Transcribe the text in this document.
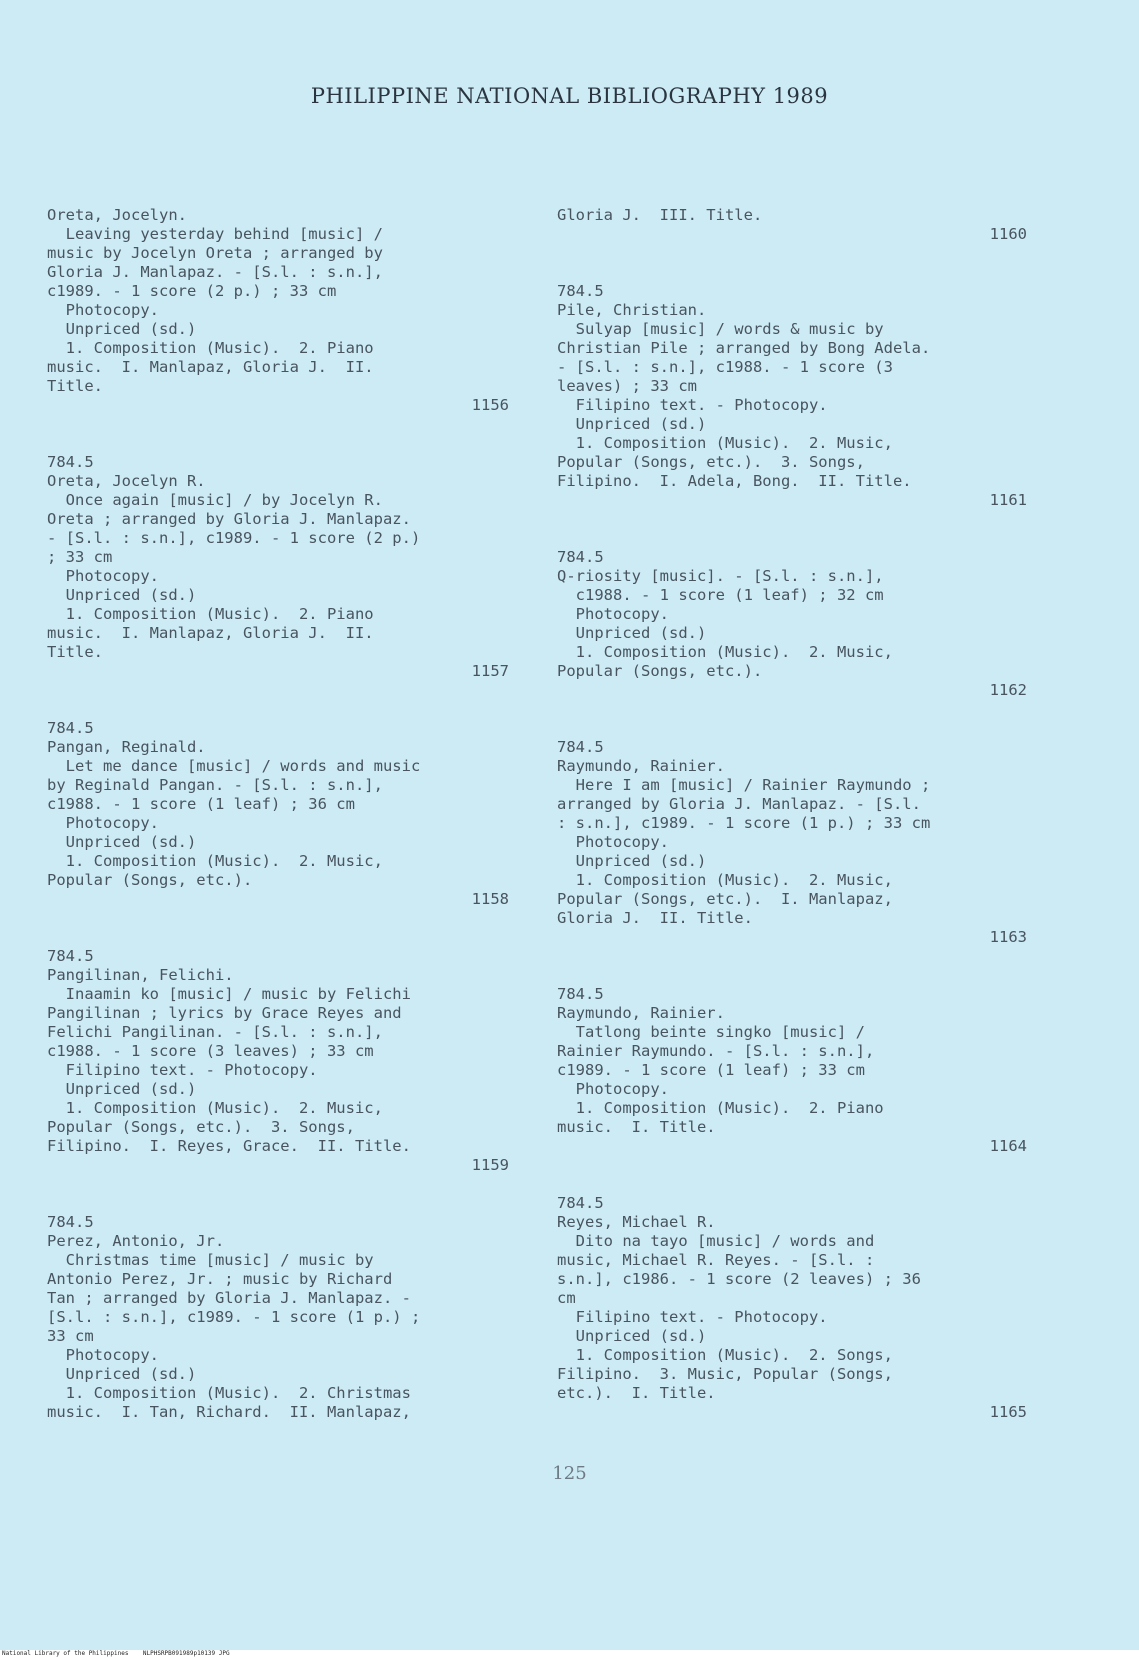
PHILIPPINE NATIONAL BIBLIOGRAPHY 1989
Oreta, Jocelyn.
Leaving yesterday behind [music] /
music by Jocelyn Oreta ; arranged by
Gloria J. Manlapaz. - [S.l. : s.n.],
c1989. - 1 score (2 p.) ; 33 cm
Photocopy.
Unpriced (sd.)
1. Composition (Music).  2. Piano
music.  I. Manlapaz, Gloria J.  II.
Title.
1156
784.5
Oreta, Jocelyn R.
Once again [music] / by Jocelyn R.
Oreta ; arranged by Gloria J. Manlapaz.
- [S.l. : s.n.], c1989. - 1 score (2 p.)
; 33 cm
Photocopy.
Unpriced (sd.)
1. Composition (Music).  2. Piano
music.  I. Manlapaz, Gloria J.  II.
Title.
1157
784.5
Pangan, Reginald.
Let me dance [music] / words and music
by Reginald Pangan. - [S.l. : s.n.],
c1988. - 1 score (1 leaf) ; 36 cm
Photocopy.
Unpriced (sd.)
1. Composition (Music).  2. Music,
Popular (Songs, etc.).
1158
784.5
Pangilinan, Felichi.
Inaamin ko [music] / music by Felichi
Pangilinan ; lyrics by Grace Reyes and
Felichi Pangilinan. - [S.l. : s.n.],
c1988. - 1 score (3 leaves) ; 33 cm
Filipino text. - Photocopy.
Unpriced (sd.)
1. Composition (Music).  2. Music,
Popular (Songs, etc.).  3. Songs,
Filipino.  I. Reyes, Grace.  II. Title.
1159
784.5
Perez, Antonio, Jr.
Christmas time [music] / music by
Antonio Perez, Jr. ; music by Richard
Tan ; arranged by Gloria J. Manlapaz. -
[S.l. : s.n.], c1989. - 1 score (1 p.) ;
33 cm
Photocopy.
Unpriced (sd.)
1. Composition (Music).  2. Christmas
music.  I. Tan, Richard.  II. Manlapaz,
Gloria J.  III. Title.
1160
784.5
Pile, Christian.
Sulyap [music] / words & music by
Christian Pile ; arranged by Bong Adela.
- [S.l. : s.n.], c1988. - 1 score (3
leaves) ; 33 cm
Filipino text. - Photocopy.
Unpriced (sd.)
1. Composition (Music).  2. Music,
Popular (Songs, etc.).  3. Songs,
Filipino.  I. Adela, Bong.  II. Title.
1161
784.5
Q-riosity [music]. - [S.l. : s.n.],
c1988. - 1 score (1 leaf) ; 32 cm
Photocopy.
Unpriced (sd.)
1. Composition (Music).  2. Music,
Popular (Songs, etc.).
1162
784.5
Raymundo, Rainier.
Here I am [music] / Rainier Raymundo ;
arranged by Gloria J. Manlapaz. - [S.l.
: s.n.], c1989. - 1 score (1 p.) ; 33 cm
Photocopy.
Unpriced (sd.)
1. Composition (Music).  2. Music,
Popular (Songs, etc.).  I. Manlapaz,
Gloria J.  II. Title.
1163
784.5
Raymundo, Rainier.
Tatlong beinte singko [music] /
Rainier Raymundo. - [S.l. : s.n.],
c1989. - 1 score (1 leaf) ; 33 cm
Photocopy.
1. Composition (Music).  2. Piano
music.  I. Title.
1164
784.5
Reyes, Michael R.
Dito na tayo [music] / words and
music, Michael R. Reyes. - [S.l. :
s.n.], c1986. - 1 score (2 leaves) ; 36
cm
Filipino text. - Photocopy.
Unpriced (sd.)
1. Composition (Music).  2. Songs,
Filipino.  3. Music, Popular (Songs,
etc.).  I. Title.
1165
125
National Library of the Philippines    NLPHSRPB091989p10139 JPG
